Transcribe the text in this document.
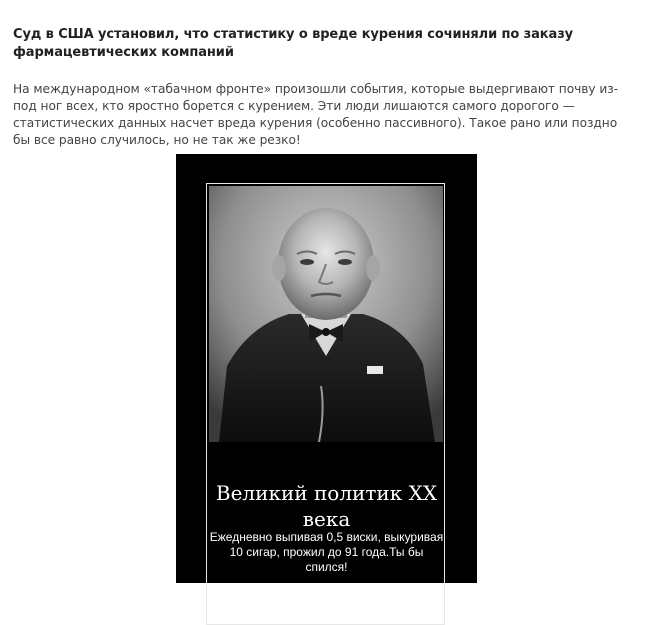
Суд в США установил, что статистику о вреде курения сочиняли по заказу фармацевтических компаний

На международном «табачном фронте» произошли события, которые выдергивают почву из-под ног всех, кто яростно борется с курением. Эти люди лишаются самого дорогого — статистических данных насчет вреда курения (особенно пассивного). Такое рано или поздно бы все равно случилось, но не так же резко!

Великий политик XX
века
Ежедневно выпивая 0,5 виски, выкуривая
10 сигар, прожил до 91 года.Ты бы
спился!
